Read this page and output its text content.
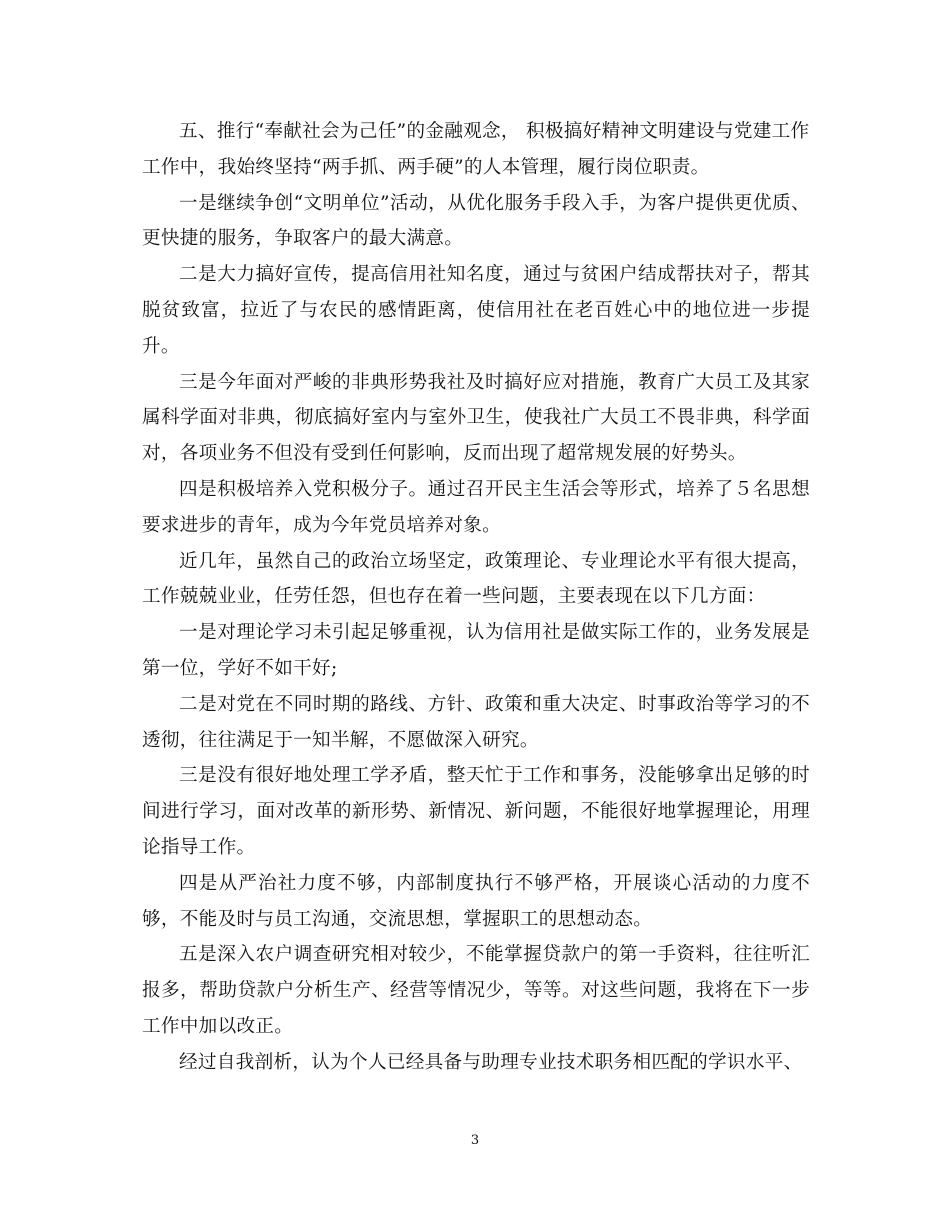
五、推行“奉献社会为己任”的金融观念， 积极搞好精神文明建设与党建工作

工作中，我始终坚持“两手抓、两手硬”的人本管理，履行岗位职责。

一是继续争创“文明单位”活动，从优化服务手段入手，为客户提供更优质、更快捷的服务，争取客户的最大满意。

二是大力搞好宣传，提高信用社知名度，通过与贫困户结成帮扶对子，帮其脱贫致富，拉近了与农民的感情距离，使信用社在老百姓心中的地位进一步提升。

三是今年面对严峻的非典形势我社及时搞好应对措施，教育广大员工及其家属科学面对非典，彻底搞好室内与室外卫生，使我社广大员工不畏非典，科学面对，各项业务不但没有受到任何影响，反而出现了超常规发展的好势头。

四是积极培养入党积极分子。通过召开民主生活会等形式，培养了５名思想要求进步的青年，成为今年党员培养对象。

近几年，虽然自己的政治立场坚定，政策理论、专业理论水平有很大提高，工作兢兢业业，任劳任怨，但也存在着一些问题，主要表现在以下几方面：

一是对理论学习未引起足够重视，认为信用社是做实际工作的，业务发展是第一位，学好不如干好;

二是对党在不同时期的路线、方针、政策和重大决定、时事政治等学习的不透彻，往往满足于一知半解，不愿做深入研究。

三是没有很好地处理工学矛盾，整天忙于工作和事务，没能够拿出足够的时间进行学习，面对改革的新形势、新情况、新问题，不能很好地掌握理论，用理论指导工作。

四是从严治社力度不够，内部制度执行不够严格，开展谈心活动的力度不够，不能及时与员工沟通，交流思想，掌握职工的思想动态。

五是深入农户调查研究相对较少，不能掌握贷款户的第一手资料，往往听汇报多，帮助贷款户分析生产、经营等情况少，等等。对这些问题，我将在下一步工作中加以改正。

经过自我剖析，认为个人已经具备与助理专业技术职务相匹配的学识水平、

3
